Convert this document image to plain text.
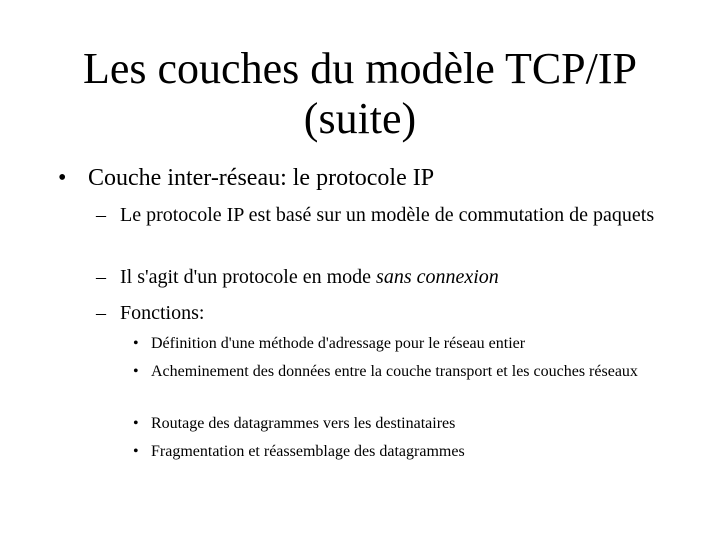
Les couches du modèle TCP/IP
(suite)
• Couche inter-réseau: le protocole IP
– Le protocole IP est basé sur un modèle de commutation de paquets
– Il s'agit d'un protocole en mode sans connexion
– Fonctions:
• Définition d'une méthode d'adressage pour le réseau entier
• Acheminement des données entre la couche transport et les couches réseaux
• Routage des datagrammes vers les destinataires
• Fragmentation et réassemblage des datagrammes
